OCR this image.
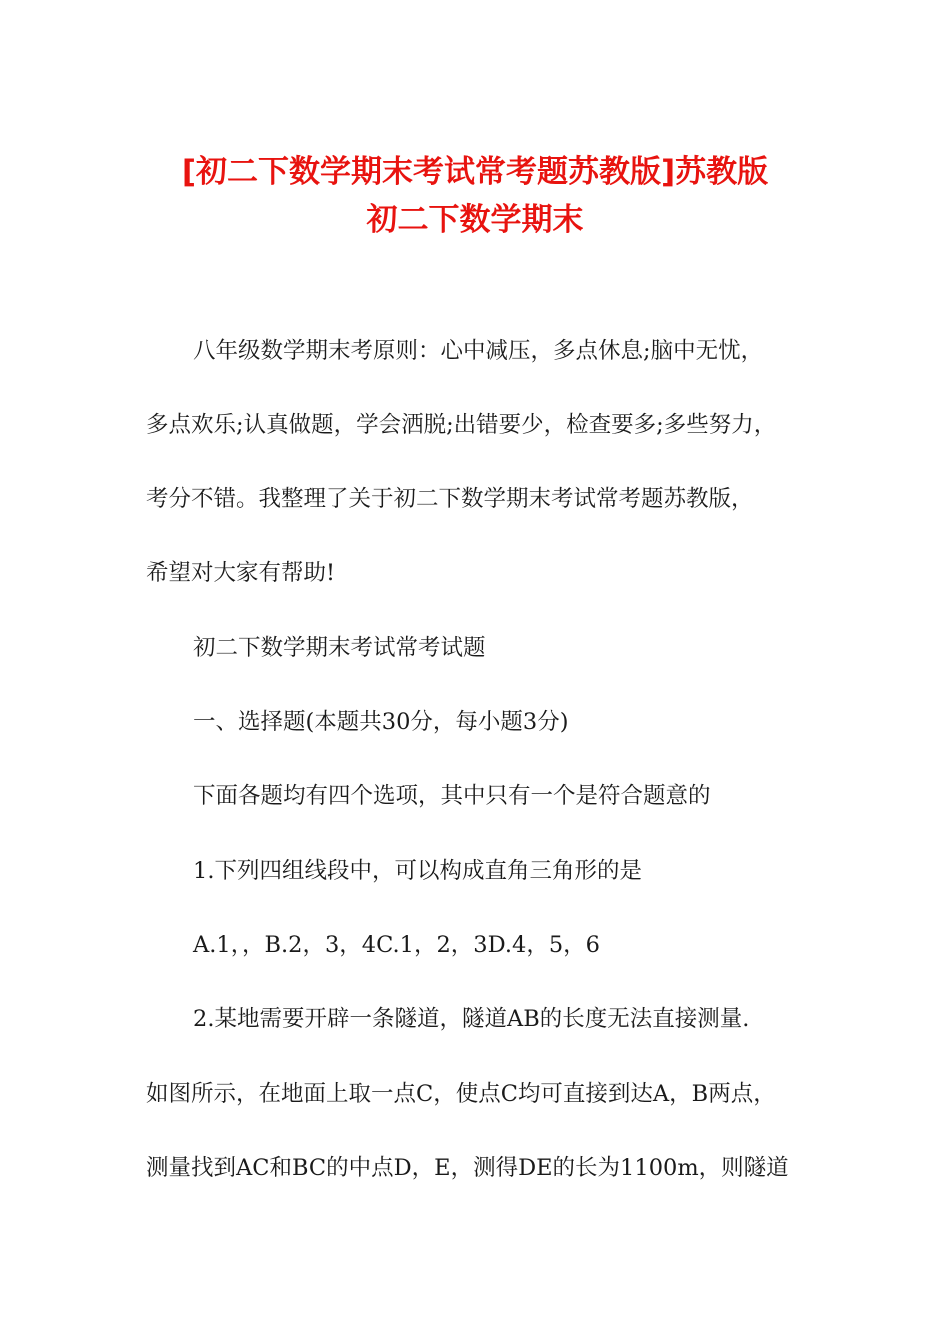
[初二下数学期末考试常考题苏教版]苏教版
初二下数学期末
八年级数学期末考原则：心中减压，多点休息;脑中无忧，
多点欢乐;认真做题，学会洒脱;出错要少，检查要多;多些努力，
考分不错。我整理了关于初二下数学期末考试常考题苏教版，
希望对大家有帮助!
初二下数学期末考试常考试题
一、选择题(本题共30分，每小题3分)
下面各题均有四个选项，其中只有一个是符合题意的
1.下列四组线段中，可以构成直角三角形的是
A.1，，B.2，3，4C.1，2，3D.4，5，6
2.某地需要开辟一条隧道，隧道AB的长度无法直接测量.
如图所示，在地面上取一点C，使点C均可直接到达A，B两点，
测量找到AC和BC的中点D，E，测得DE的长为1100m，则隧道
